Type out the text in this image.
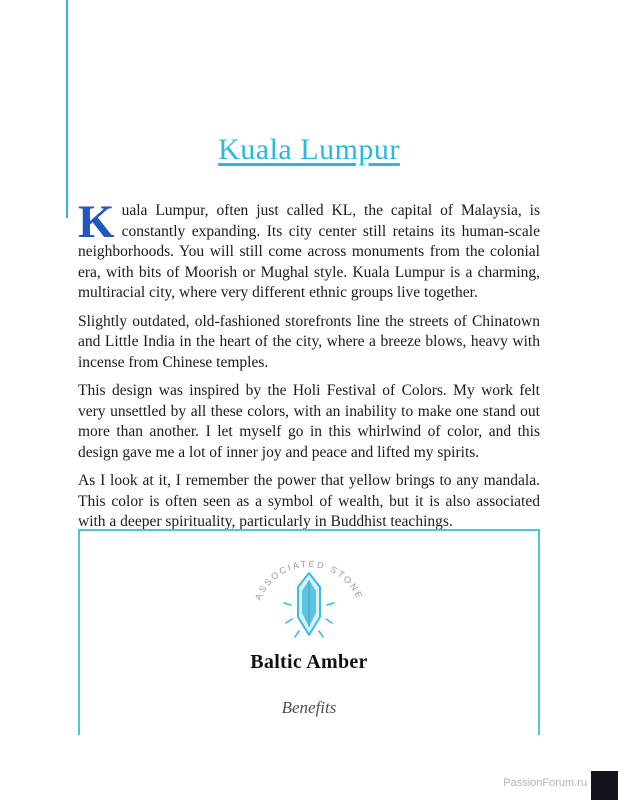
Kuala Lumpur

Kuala Lumpur, often just called KL, the capital of Malaysia, is constantly expanding. Its city center still retains its human-scale neighborhoods. You will still come across monuments from the colonial era, with bits of Moorish or Mughal style. Kuala Lumpur is a charming, multiracial city, where very different ethnic groups live together.

Slightly outdated, old-fashioned storefronts line the streets of Chinatown and Little India in the heart of the city, where a breeze blows, heavy with incense from Chinese temples.

This design was inspired by the Holi Festival of Colors. My work felt very unsettled by all these colors, with an inability to make one stand out more than another. I let myself go in this whirlwind of color, and this design gave me a lot of inner joy and peace and lifted my spirits.

As I look at it, I remember the power that yellow brings to any mandala. This color is often seen as a symbol of wealth, but it is also associated with a deeper spirituality, particularly in Buddhist teachings.

ASSOCIATED STONE
Baltic Amber
Benefits
PassionForum.ru
